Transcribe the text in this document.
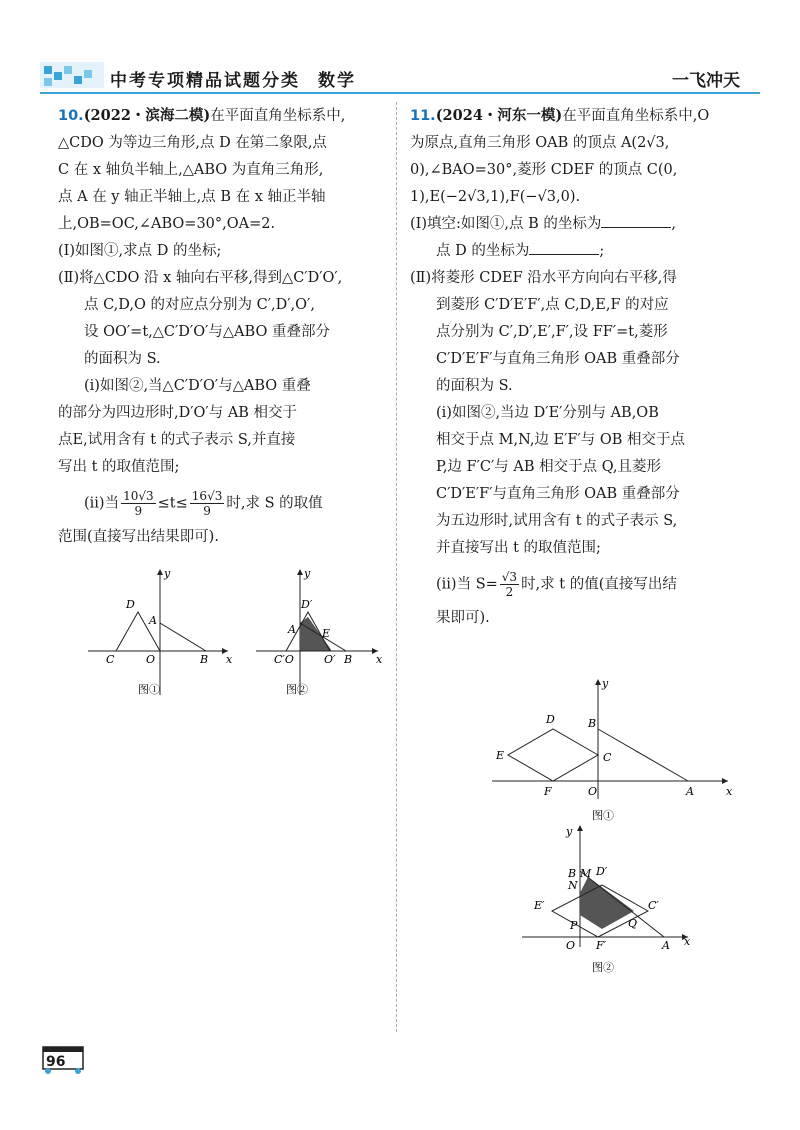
中考专项精品试题分类 数学	一飞冲天

10.(2022・滨海二模)在平面直角坐标系中,

△CDO 为等边三角形,点 D 在第二象限,点

C 在 x 轴负半轴上,△ABO 为直角三角形,

点 A 在 y 轴正半轴上,点 B 在 x 轴正半轴

上,OB=OC,∠ABO=30°,OA=2.

(Ⅰ)如图①,求点 D 的坐标;

(Ⅱ)将△CDO 沿 x 轴向右平移,得到△C′D′O′,

点 C,D,O 的对应点分别为 C′,D′,O′,

设 OO′=t,△C′D′O′与△ABO 重叠部分

的面积为 S.

(ⅰ)如图②,当△C′D′O′与△ABO 重叠

的部分为四边形时,D′O′与 AB 相交于

点E,试用含有 t 的式子表示 S,并直接

写出 t 的取值范围;

(ⅱ)当 $\frac{10√3}{9} \le t\le \frac{16√3}{9}$ 时,求 S 的取值

范围(直接写出结果即可).

y
x
D
A
C	O	B
图①
y
x
D′
A E
C′O	O′ B
图②

11.(2024・河东一模)在平面直角坐标系中,O

为原点,直角三角形 OAB 的顶点 A(2√3,

0),∠BAO=30°,菱形 CDEF 的顶点 C(0,

1),E(−2√3,1),F(−√3,0).

(Ⅰ)填空:如图①,点 B 的坐标为	,

点 D 的坐标为	;

(Ⅱ)将菱形 CDEF 沿水平方向向右平移,得

到菱形 C′D′E′F′,点 C,D,E,F 的对应

点分别为 C′,D′,E′,F′,设 FF′=t,菱形

C′D′E′F′与直角三角形 OAB 重叠部分

的面积为 S.

(ⅰ)如图②,当边 D′E′分别与 AB,OB

相交于点 M,N,边 E′F′与 OB 相交于点

P,边 F′C′与 AB 相交于点 Q,且菱形

C′D′E′F′与直角三角形 OAB 重叠部分

为五边形时,试用含有 t 的式子表示 S,

并直接写出 t 的取值范围;

(ⅱ)当 $S= \frac{√3}{2}$ 时,求 t 的值(直接写出结

果即可).

y
x
D	B
C
E
F	O	A
图①
y
x
B M D′
N
E′	C′
P	Q
O F′	A
图②
96
